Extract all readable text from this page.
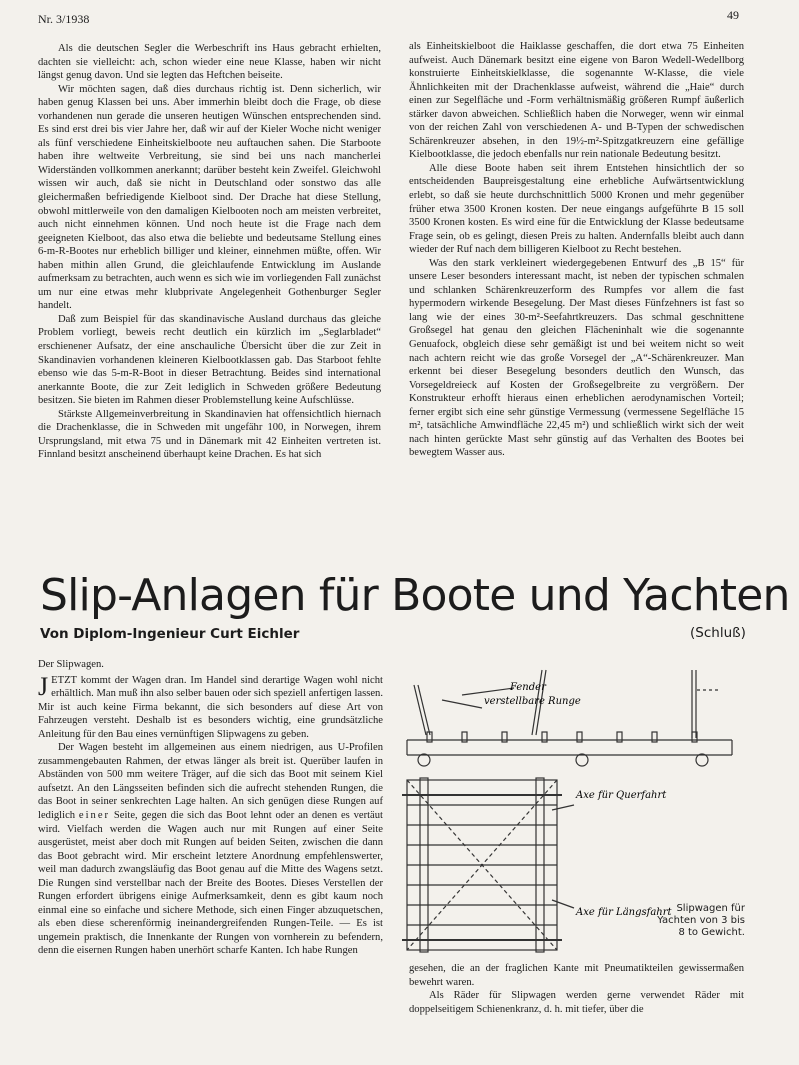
Nr. 3/1938	49

Als die deutschen Segler die Werbeschrift ins Haus gebracht erhielten, dachten sie vielleicht: ach, schon wieder eine neue Klasse, haben wir nicht längst genug davon. Und sie legten das Heftchen beiseite.

Wir möchten sagen, daß dies durchaus richtig ist. Denn sicherlich, wir haben genug Klassen bei uns. Aber immerhin bleibt doch die Frage, ob diese vorhandenen nun gerade die unseren heutigen Wünschen entsprechenden sind. Es sind erst drei bis vier Jahre her, daß wir auf der Kieler Woche nicht weniger als fünf verschiedene Einheitskielboote neu auftauchen sahen. Die Starboote haben ihre weltweite Verbreitung, sie sind bei uns nach mancherlei Widerständen vollkommen anerkannt; darüber besteht kein Zweifel. Gleichwohl wissen wir auch, daß sie nicht in Deutschland oder sonstwo das alle gleichermaßen befriedigende Kielboot sind. Der Drache hat diese Stellung, obwohl mittlerweile von den damaligen Kielbooten noch am meisten verbreitet, auch nicht einnehmen können. Und noch heute ist die Frage nach dem geeigneten Kielboot, das also etwa die beliebte und bedeutsame Stellung eines 6-m-R-Bootes nur erheblich billiger und kleiner, einnehmen müßte, offen. Wir haben mithin allen Grund, die gleichlaufende Entwicklung im Auslande aufmerksam zu betrachten, auch wenn es sich wie im vorliegenden Fall zunächst um nur eine etwas mehr klubprivate Angelegenheit Gothenburger Segler handelt.

Daß zum Beispiel für das skandinavische Ausland durchaus das gleiche Problem vorliegt, beweis recht deutlich ein kürzlich im „Seglarbladet“ erschienener Aufsatz, der eine anschauliche Übersicht über die zur Zeit in Skandinavien vorhandenen kleineren Kielbootklassen gab. Das Starboot fehlte ebenso wie das 5-m-R-Boot in dieser Betrachtung. Beides sind international anerkannte Boote, die zur Zeit lediglich in Schweden größere Bedeutung besitzen. Sie bieten im Rahmen dieser Problemstellung keine Aufschlüsse.

Stärkste Allgemeinverbreitung in Skandinavien hat offensichtlich hiernach die Drachenklasse, die in Schweden mit ungefähr 100, in Norwegen, ihrem Ursprungsland, mit etwa 75 und in Dänemark mit 42 Einheiten vertreten ist. Finnland besitzt anscheinend überhaupt keine Drachen. Es hat sich

als Einheitskielboot die Haiklasse geschaffen, die dort etwa 75 Einheiten aufweist. Auch Dänemark besitzt eine eigene von Baron Wedell-Wedellborg konstruierte Einheitskielklasse, die sogenannte W-Klasse, die viele Ähnlichkeiten mit der Drachenklasse aufweist, während die „Haie“ durch einen zur Segelfläche und -Form verhältnismäßig größeren Rumpf äußerlich stärker davon abweichen. Schließlich haben die Norweger, wenn wir einmal von der reichen Zahl von verschiedenen A- und B-Typen der schwedischen Schärenkreuzer absehen, in den 19½-m²-Spitzgatkreuzern eine gefällige Kielbootklasse, die jedoch ebenfalls nur rein nationale Bedeutung besitzt.

Alle diese Boote haben seit ihrem Entstehen hinsichtlich der so entscheidenden Baupreisgestaltung eine erhebliche Aufwärtsentwicklung erlebt, so daß sie heute durchschnittlich 5000 Kronen und mehr gegenüber früher etwa 3500 Kronen kosten. Der neue eingangs aufgeführte B 15 soll 3500 Kronen kosten. Es wird eine für die Entwicklung der Klasse bedeutsame Frage sein, ob es gelingt, diesen Preis zu halten. Andernfalls bleibt auch dann wieder der Ruf nach dem billigeren Kielboot zu Recht bestehen.

Was den stark verkleinert wiedergegebenen Entwurf des „B 15“ für unsere Leser besonders interessant macht, ist neben der typischen schmalen und schlanken Schärenkreuzerform des Rumpfes vor allem die fast hypermodern wirkende Besegelung. Der Mast dieses Fünfzehners ist fast so lang wie der eines 30-m²-Seefahrtkreuzers. Das schmal geschnittene Großsegel hat genau den gleichen Flächeninhalt wie die sogenannte Genuafock, obgleich diese sehr gemäßigt ist und bei weitem nicht so weit nach achtern reicht wie das große Vorsegel der „A“-Schärenkreuzer. Man erkennt bei dieser Besegelung besonders deutlich den Wunsch, das Vorsegeldreieck auf Kosten der Großsegelbreite zu vergrößern. Der Konstrukteur erhofft hieraus einen erheblichen aerodynamischen Vorteil; ferner ergibt sich eine sehr günstige Vermessung (vermessene Segelfläche 15 m², tatsächliche Amwindfläche 22,45 m²) und schließlich wirkt sich der weit nach hinten gerückte Mast sehr günstig auf das Verhalten des Bootes bei bewegtem Wasser aus.

Slip-Anlagen für Boote und Yachten
Von Diplom-Ingenieur Curt Eichler	(Schluß)
Der Slipwagen.

JETZT kommt der Wagen dran. Im Handel sind derartige Wagen wohl nicht erhältlich. Man muß ihn also selber bauen oder sich speziell anfertigen lassen. Mir ist auch keine Firma bekannt, die sich besonders auf diese Art von Fahrzeugen versteht. Deshalb ist es besonders wichtig, eine grundsätzliche Anleitung für den Bau eines vernünftigen Slipwagens zu geben.

Der Wagen besteht im allgemeinen aus einem niedrigen, aus U-Profilen zusammengebauten Rahmen, der etwas länger als breit ist. Querüber laufen in Abständen von 500 mm weitere Träger, auf die sich das Boot mit seinem Kiel aufsetzt. An den Längsseiten befinden sich die aufrecht stehenden Rungen, die das Boot in seiner senkrechten Lage halten. An sich genügen diese Rungen auf lediglich einer Seite, gegen die sich das Boot lehnt oder an denen es vertäut wird. Vielfach werden die Wagen auch nur mit Rungen auf einer Seite ausgerüstet, meist aber doch mit Rungen auf beiden Seiten, zwischen die dann das Boot gebracht wird. Mir erscheint letztere Anordnung empfehlenswerter, weil man dadurch zwangsläufig das Boot genau auf die Mitte des Wagens setzt. Die Rungen sind verstellbar nach der Breite des Bootes. Dieses Verstellen der Rungen erfordert übrigens einige Aufmerksamkeit, denn es gibt kaum noch einmal eine so einfache und sichere Methode, sich einen Finger abzuquetschen, als eben diese scherenförmig ineinandergreifenden Rungen-Teile. — Es ist ungemein praktisch, die Innenkante der Rungen von vornherein zu befendern, denn die eisernen Rungen haben unerhört scharfe Kanten. Ich habe Rungen

Fender
verstellbare Runge
Axe für Querfahrt
Axe für Längsfahrt Slipwagen für Yachten von 3 bis 8 to Gewicht.

gesehen, die an der fraglichen Kante mit Pneumatikteilen gewissermaßen bewehrt waren.

Als Räder für Slipwagen werden gerne verwendet Räder mit doppelseitigem Schienenkranz, d. h. mit tiefer, über die
